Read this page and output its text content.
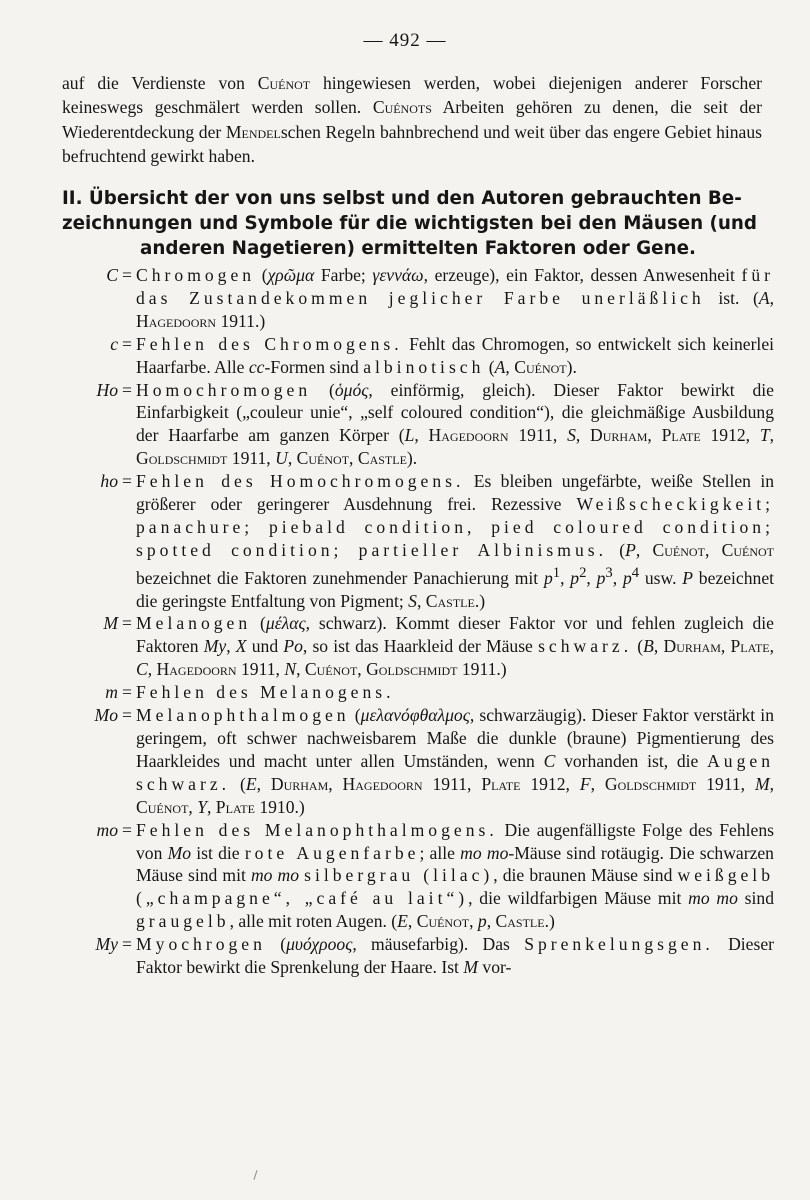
— 492 —

auf die Verdienste von Cuénot hingewiesen werden, wobei diejenigen anderer Forscher keineswegs geschmälert werden sollen. Cuénots Arbeiten gehören zu denen, die seit der Wiederentdeckung der Mendelschen Regeln bahnbrechend und weit über das engere Gebiet hinaus befruchtend gewirkt haben.

II. Übersicht der von uns selbst und den Autoren gebrauchten Be-
zeichnungen und Symbole für die wichtigsten bei den Mäusen (und
anderen Nagetieren) ermittelten Faktoren oder Gene.
C = Chromogen (χρῶμα Farbe; γεννάω, erzeuge), ein Faktor, dessen Anwesenheit für das Zustandekommen jeglicher Farbe unerläßlich ist. (A, Hagedoorn 1911.)
c = Fehlen des Chromogens. Fehlt das Chromogen, so entwickelt sich keinerlei Haarfarbe. Alle cc-Formen sind albinotisch (A, Cuénot).
Ho = Homochromogen (ὁμός, einförmig, gleich). Dieser Faktor bewirkt die Einfarbigkeit („couleur unie“, „self coloured condition“), die gleichmäßige Ausbildung der Haarfarbe am ganzen Körper (L, Hagedoorn 1911, S, Durham, Plate 1912, T, Goldschmidt 1911, U, Cuénot, Castle).
ho = Fehlen des Homochromogens. Es bleiben ungefärbte, weiße Stellen in größerer oder geringerer Ausdehnung frei. Rezessive Weißscheckigkeit; panachure; piebald condition, pied coloured condition; spotted condition; partieller Albinismus. (P, Cuénot, Cuénot bezeichnet die Faktoren zunehmender Panachierung mit $p^1$, $p^2$, $p^3$, $p^4$ usw. P bezeichnet die geringste Entfaltung von Pigment; S, Castle.)
M = Melanogen (μέλας, schwarz). Kommt dieser Faktor vor und fehlen zugleich die Faktoren My, X und Po, so ist das Haarkleid der Mäuse schwarz. (B, Durham, Plate, C, Hagedoorn 1911, N, Cuénot, Goldschmidt 1911.)
m = Fehlen des Melanogens.
Mo = Melanophthalmogen (μελανόφθαλμος, schwarzäugig). Dieser Faktor verstärkt in geringem, oft schwer nachweisbarem Maße die dunkle (braune) Pigmentierung des Haarkleides und macht unter allen Umständen, wenn C vorhanden ist, die Augen schwarz. (E, Durham, Hagedoorn 1911, Plate 1912, F, Goldschmidt 1911, M, Cuénot, Y, Plate 1910.)
mo = Fehlen des Melanophthalmogens. Die augenfälligste Folge des Fehlens von Mo ist die rote Augenfarbe; alle mo mo-Mäuse sind rotäugig. Die schwarzen Mäuse sind mit mo mo silbergrau (lilac), die braunen Mäuse sind weißgelb („champagne“, „café au lait“), die wildfarbigen Mäuse mit mo mo sind graugelb, alle mit roten Augen. (E, Cuénot, p, Castle.)
My = Myochrogen (μυόχροος, mäusefarbig). Das Sprenkelungsgen. Dieser Faktor bewirkt die Sprenkelung der Haare. Ist M vor-
